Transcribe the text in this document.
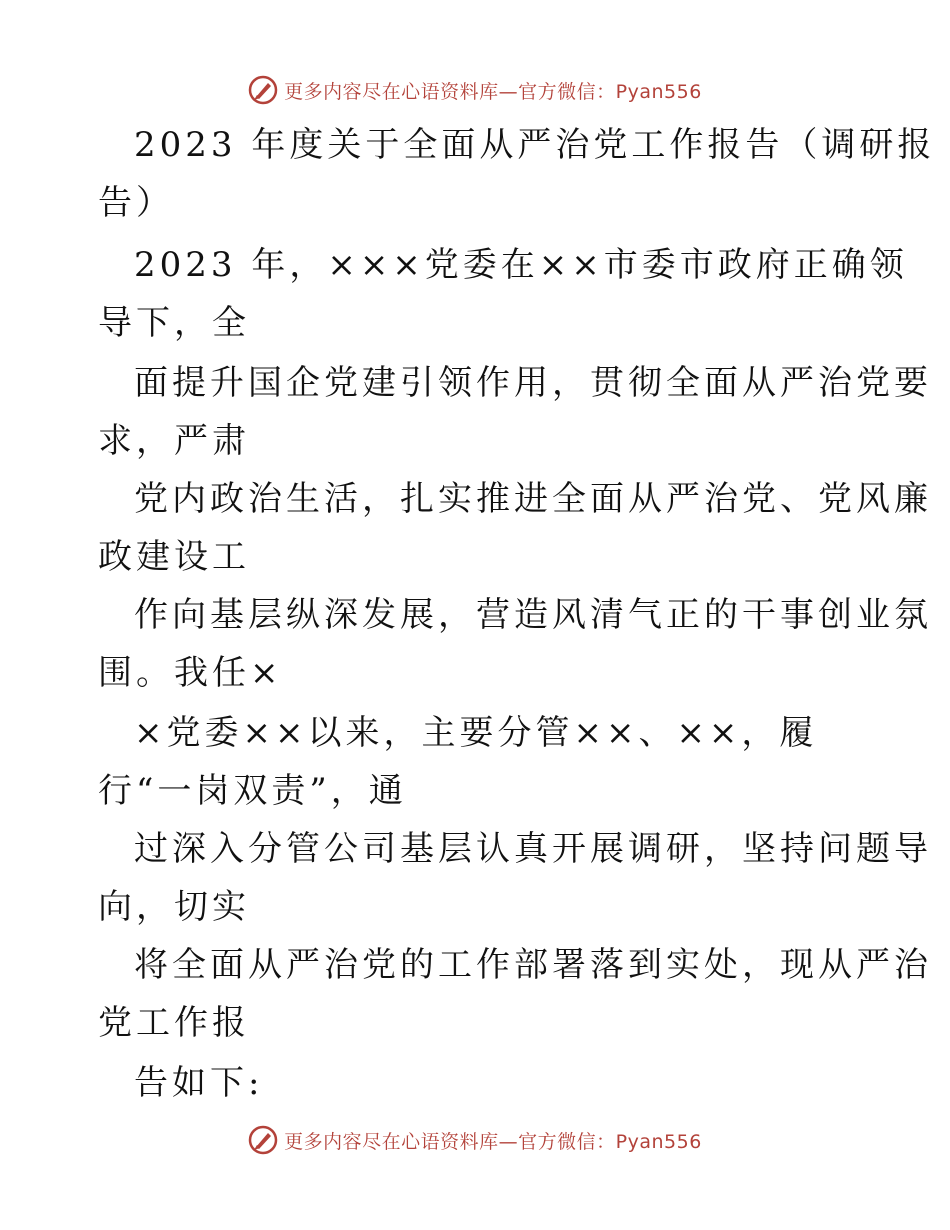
更多内容尽在心语资料库—官方微信：Pyan556
2023 年度关于全面从严治党工作报告（调研报
告）
2023 年，×××党委在××市委市政府正确领
导下，全
面提升国企党建引领作用，贯彻全面从严治党要
求，严肃
党内政治生活，扎实推进全面从严治党、党风廉
政建设工
作向基层纵深发展，营造风清气正的干事创业氛
围。我任×
×党委××以来，主要分管××、××，履
行“一岗双责”，通
过深入分管公司基层认真开展调研，坚持问题导
向，切实
将全面从严治党的工作部署落到实处，现从严治
党工作报
告如下:
更多内容尽在心语资料库—官方微信：Pyan556
